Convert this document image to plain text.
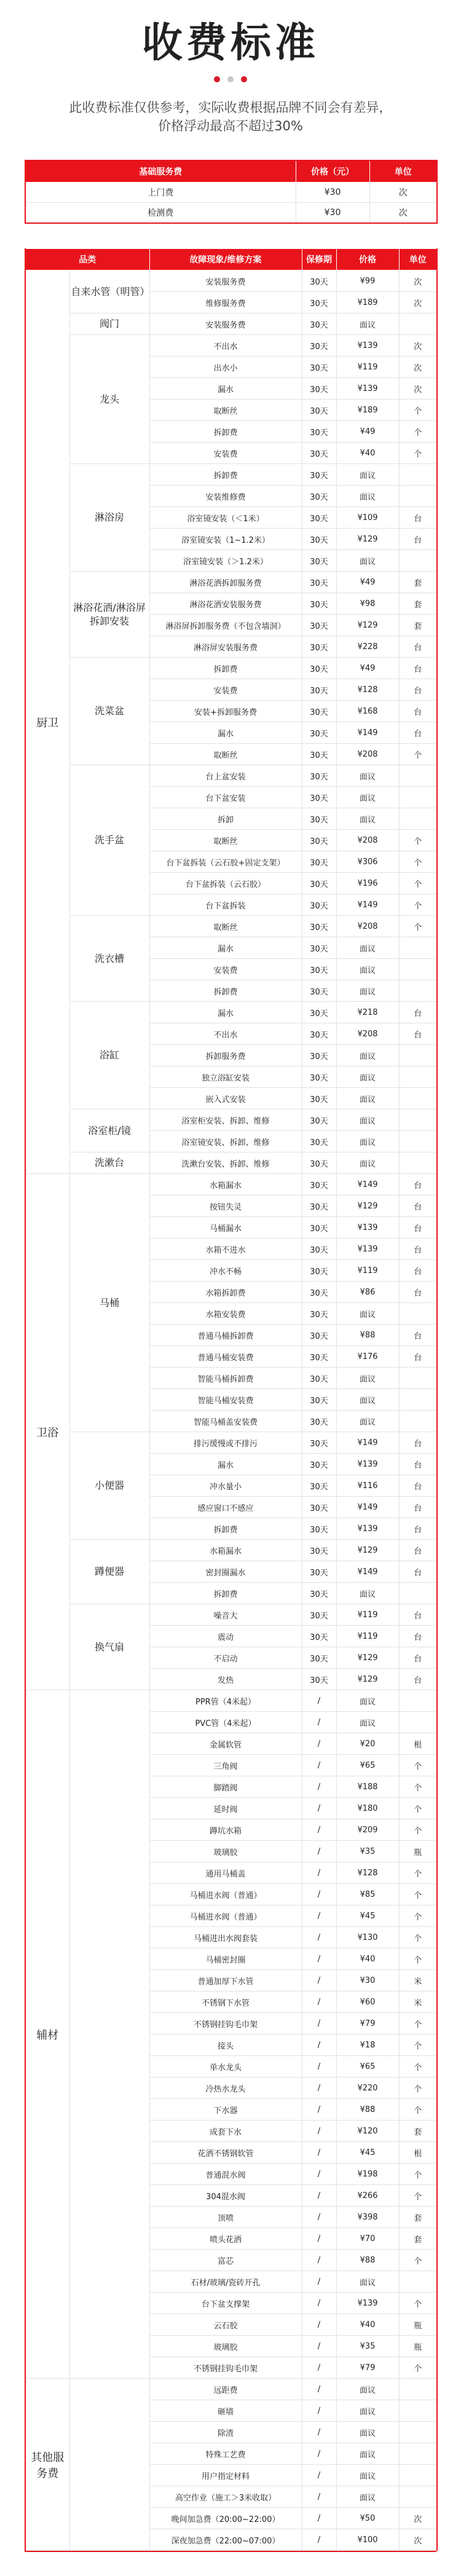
收费标准
此收费标准仅供参考，实际收费根据品牌不同会有差异，
价格浮动最高不超过30%
基础服务费	价格（元）	单位
上门费	¥30	次
检测费	¥30	次
品类		故障现象/维修方案	保修期	价格	单位
厨卫	自来水管（明管）	安装服务费	30天	¥99	次
		维修服务费	30天	¥189	次
	阀门	安装服务费	30天	面议	
	龙头	不出水	30天	¥139	次
		出水小	30天	¥119	次
		漏水	30天	¥139	次
		取断丝	30天	¥189	个
		拆卸费	30天	¥49	个
		安装费	30天	¥40	个
	淋浴房	拆卸费	30天	面议	
		安装维修费	30天	面议	
		浴室镜安装（＜1米）	30天	¥109	台
		浴室镜安装（1~1.2米）	30天	¥129	台
		浴室镜安装（＞1.2米）	30天	面议	
	淋浴花洒/淋浴屏拆卸安装	淋浴花洒拆卸服务费	30天	¥49	套
		淋浴花洒安装服务费	30天	¥98	套
		淋浴屏拆卸服务费（不包含墙洞）	30天	¥129	套
		淋浴屏安装服务费	30天	¥228	台
	洗菜盆	拆卸费	30天	¥49	台
		安装费	30天	¥128	台
		安装+拆卸服务费	30天	¥168	台
		漏水	30天	¥149	台
		取断丝	30天	¥208	个
	洗手盆	台上盆安装	30天	面议	
		台下盆安装	30天	面议	
		拆卸	30天	面议	
		取断丝	30天	¥208	个
		台下盆拆装（云石胶+固定支架）	30天	¥306	个
		台下盆拆装（云石胶）	30天	¥196	个
		台下盆拆装	30天	¥149	个
	洗衣槽	取断丝	30天	¥208	个
		漏水	30天	面议	
		安装费	30天	面议	
		拆卸费	30天	面议	
	浴缸	漏水	30天	¥218	台
		不出水	30天	¥208	台
		拆卸服务费	30天	面议	
		独立浴缸安装	30天	面议	
		嵌入式安装	30天	面议	
	浴室柜/镜	浴室柜安装、拆卸、维修	30天	面议	
		浴室镜安装、拆卸、维修	30天	面议	
	洗漱台	洗漱台安装、拆卸、维修	30天	面议	
卫浴	马桶	水箱漏水	30天	¥149	台
		按钮失灵	30天	¥129	台
		马桶漏水	30天	¥139	台
		水箱不进水	30天	¥139	台
		冲水不畅	30天	¥119	台
		水箱拆卸费	30天	¥86	台
		水箱安装费	30天	面议	
		普通马桶拆卸费	30天	¥88	台
		普通马桶安装费	30天	¥176	台
		智能马桶拆卸费	30天	面议	
		智能马桶安装费	30天	面议	
		智能马桶盖安装费	30天	面议	
	小便器	排污缓慢或不排污	30天	¥149	台
		漏水	30天	¥139	台
		冲水量小	30天	¥116	台
		感应窗口不感应	30天	¥149	台
		拆卸费	30天	¥139	台
	蹲便器	水箱漏水	30天	¥129	台
		密封圈漏水	30天	¥149	台
		拆卸费	30天	面议	
	换气扇	噪音大	30天	¥119	台
		震动	30天	¥119	台
		不启动	30天	¥129	台
		发热	30天	¥129	台
辅材		PPR管（4米起）	/	面议	
		PVC管（4米起）	/	面议	
		金属软管	/	¥20	根
		三角阀	/	¥65	个
		脚踏阀	/	¥188	个
		延时阀	/	¥180	个
		蹲坑水箱	/	¥209	个
		玻璃胶	/	¥35	瓶
		通用马桶盖	/	¥128	个
		马桶进水阀（普通）	/	¥85	个
		马桶进水阀（普通）	/	¥45	个
		马桶进出水阀套装	/	¥130	个
		马桶密封圈	/	¥40	个
		普通加厚下水管	/	¥30	米
		不锈钢下水管	/	¥60	米
		不锈钢挂钩毛巾架	/	¥79	个
		接头	/	¥18	个
		单水龙头	/	¥65	个
		冷热水龙头	/	¥220	个
		下水器	/	¥88	个
		成套下水	/	¥120	套
		花洒不锈钢软管	/	¥45	根
		普通混水阀	/	¥198	个
		304混水阀	/	¥266	个
		顶喷	/	¥398	套
		喷头花洒	/	¥70	套
		富芯	/	¥88	个
		石材/玻璃/瓷砖开孔	/	面议	
		台下盆支撑架	/	¥139	个
		云石胶	/	¥40	瓶
		玻璃胶	/	¥35	瓶
		不锈钢挂钩毛巾架	/	¥79	个
其他服务费		远距费	/	面议	
		砸墙	/	面议	
		除渣	/	面议	
		特殊工艺费	/	面议	
		用户指定材料	/	面议	
		高空作业（施工＞3米收取）	/	面议	
		晚间加急费（20:00~22:00）	/	¥50	次
		深夜加急费（22:00~07:00）	/	¥100	次
